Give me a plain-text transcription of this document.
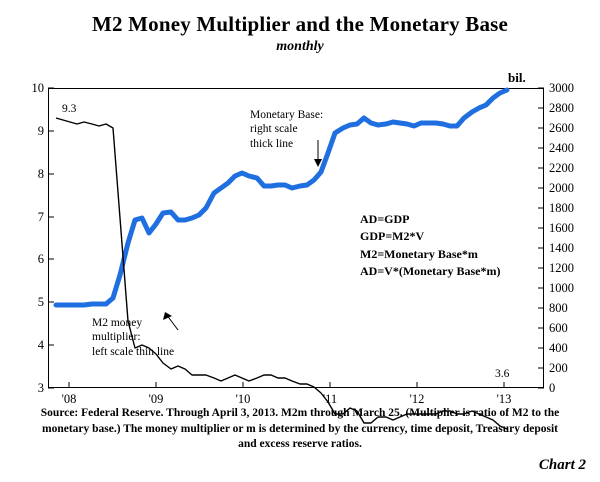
M2 Money Multiplier and the Monetary Base
monthly
bil.
10
9
8
7
6
5
4
3
3000
2800
2600
2400
2200
2000
1800
1600
1400
1200
1000
800
600
400
200
0
'08	'09	'10	'11	'12	'13
Monetary Base:
right scale
thick line
M2 money
multiplier:
left scale thin line
AD=GDP
GDP=M2*V
M2=Monetary Base*m
AD=V*(Monetary Base*m)
9.3
3.6
Source: Federal Reserve. Through April 3, 2013. M2m through March 25. (Multiplier is ratio of M2 to the monetary base.) The money multiplier or m is determined by the currency, time deposit, Treasury deposit and excess reserve ratios.
Chart 2
